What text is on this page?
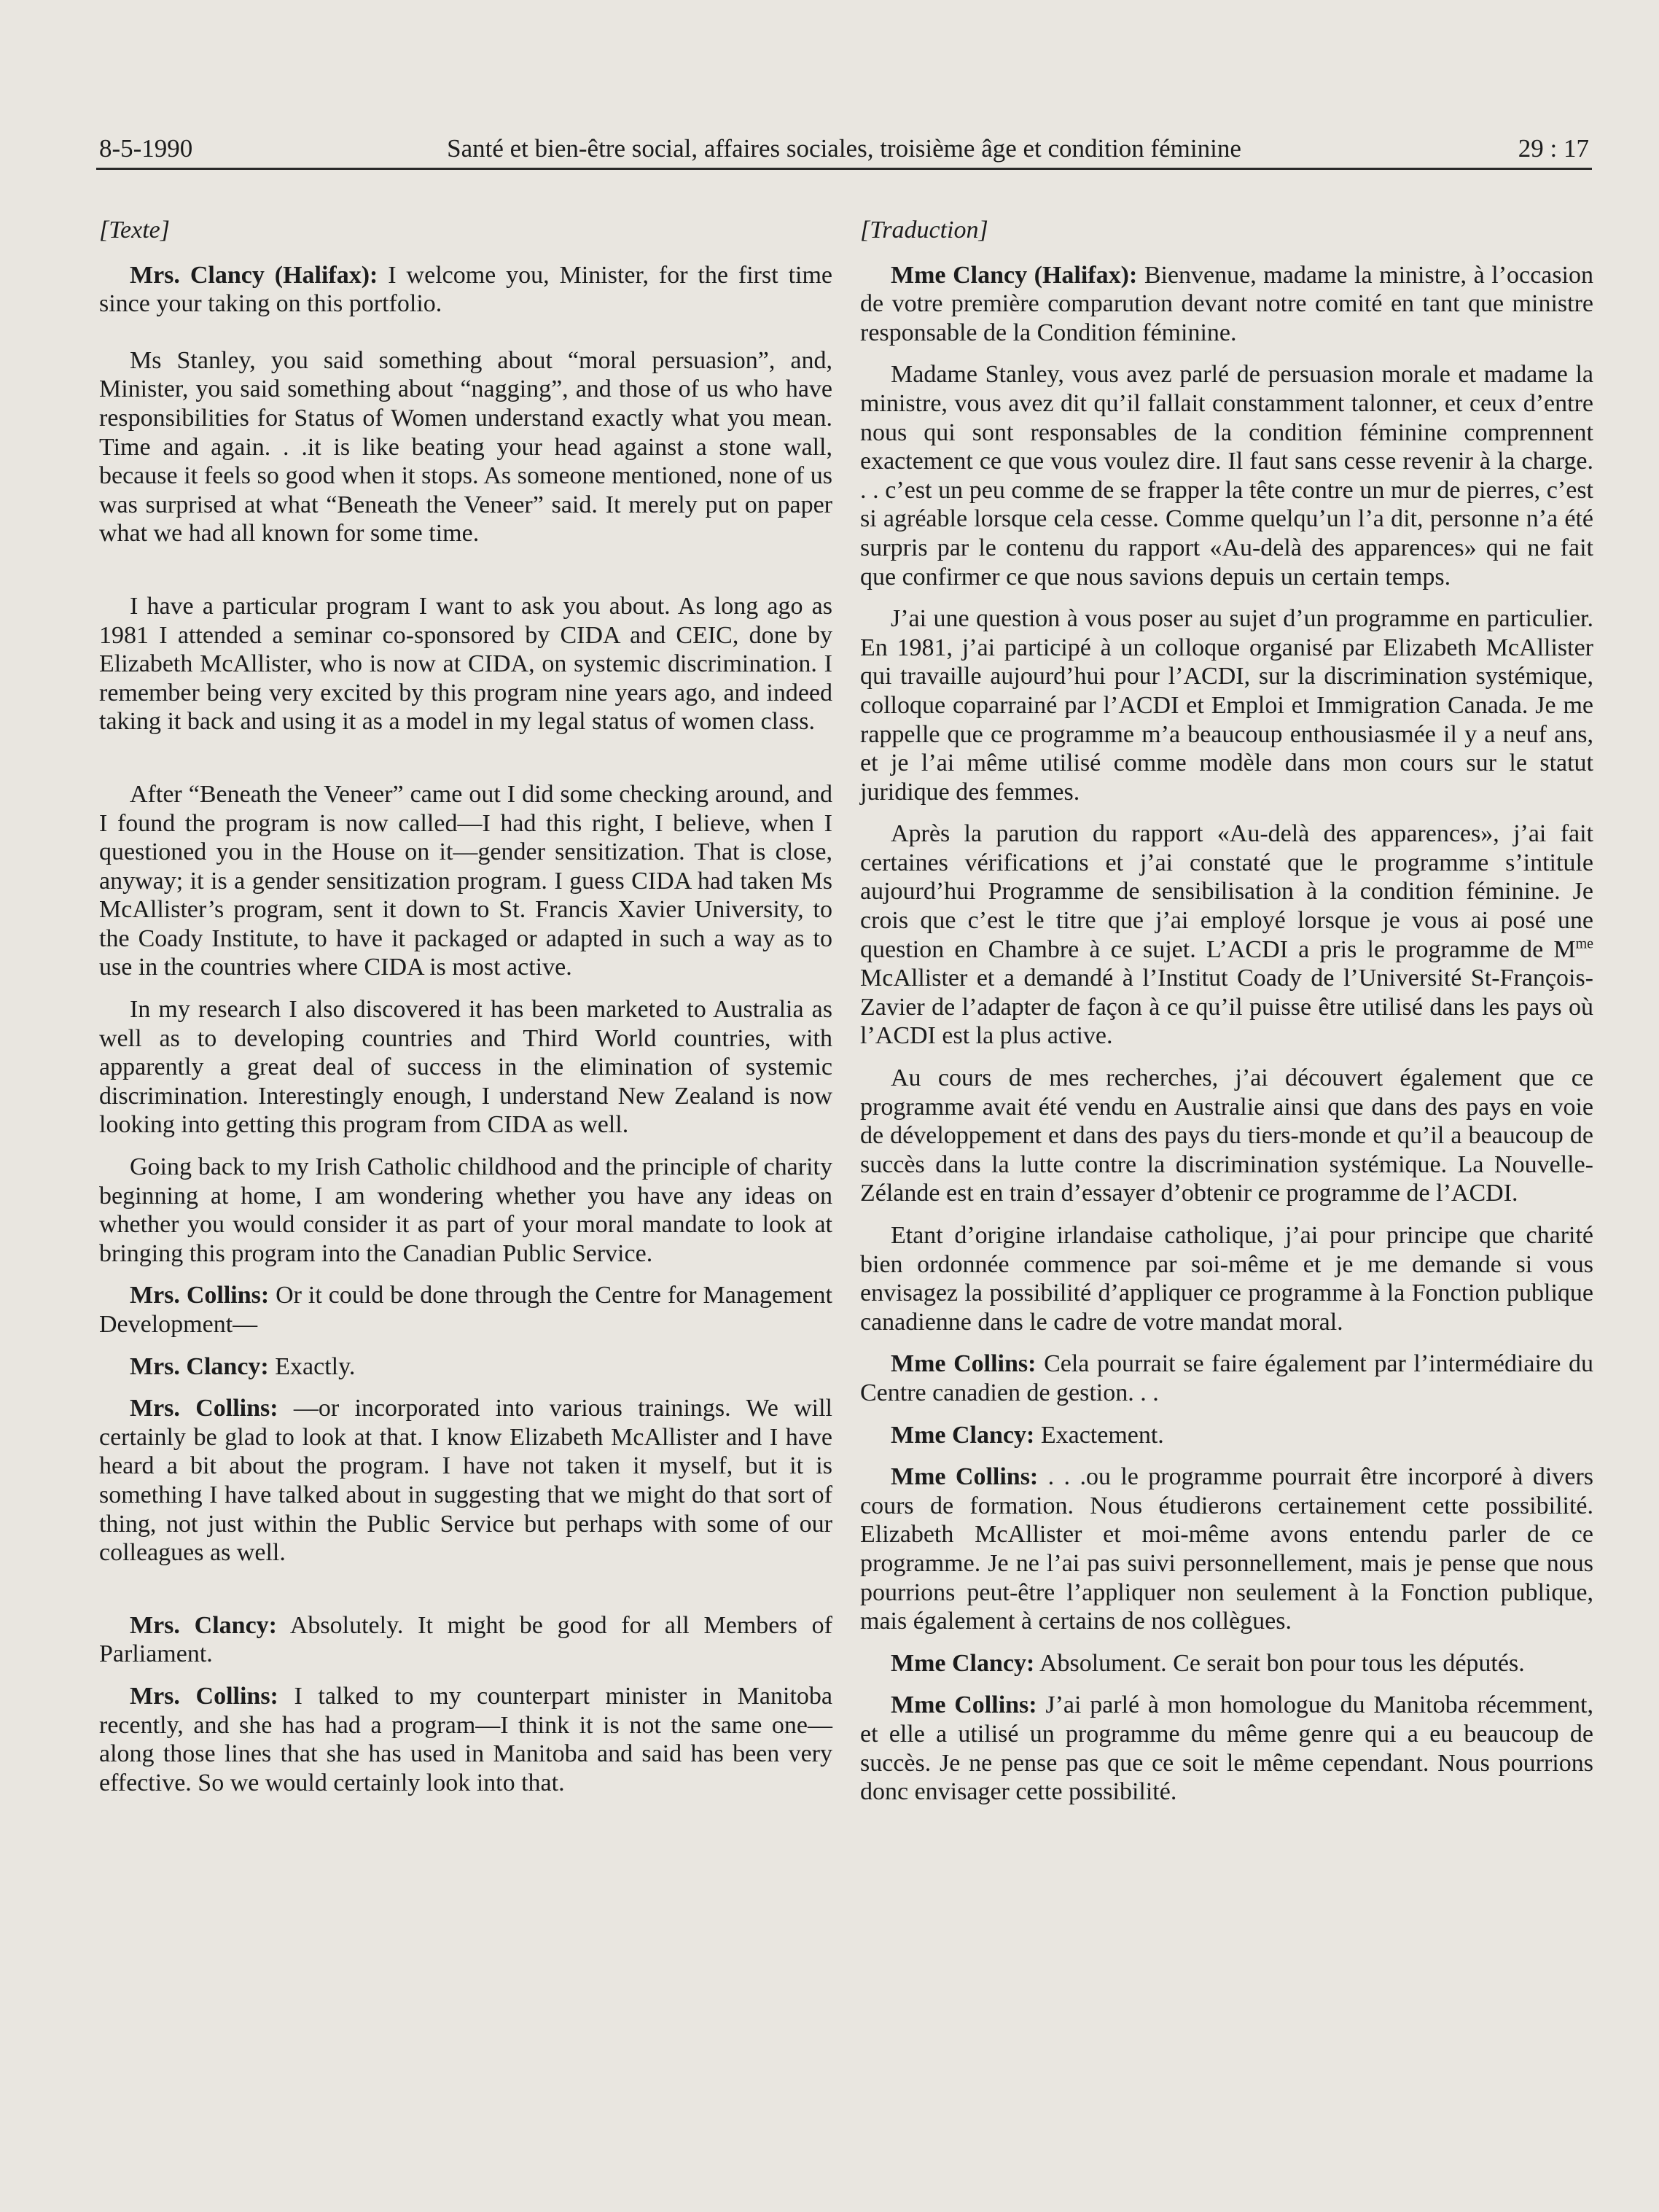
8-5-1990	Santé et bien-être social, affaires sociales, troisième âge et condition féminine	29 : 17

[Texte]

Mrs. Clancy (Halifax): I welcome you, Minister, for the first time since your taking on this portfolio.

Ms Stanley, you said something about “moral persuasion”, and, Minister, you said something about “nagging”, and those of us who have responsibilities for Status of Women understand exactly what you mean. Time and again. . .it is like beating your head against a stone wall, because it feels so good when it stops. As someone mentioned, none of us was surprised at what “Beneath the Veneer” said. It merely put on paper what we had all known for some time.

I have a particular program I want to ask you about. As long ago as 1981 I attended a seminar co-sponsored by CIDA and CEIC, done by Elizabeth McAllister, who is now at CIDA, on systemic discrimination. I remember being very excited by this program nine years ago, and indeed taking it back and using it as a model in my legal status of women class.

After “Beneath the Veneer” came out I did some checking around, and I found the program is now called—I had this right, I believe, when I questioned you in the House on it—gender sensitization. That is close, anyway; it is a gender sensitization program. I guess CIDA had taken Ms McAllister’s program, sent it down to St. Francis Xavier University, to the Coady Institute, to have it packaged or adapted in such a way as to use in the countries where CIDA is most active.

In my research I also discovered it has been marketed to Australia as well as to developing countries and Third World countries, with apparently a great deal of success in the elimination of systemic discrimination. Interestingly enough, I understand New Zealand is now looking into getting this program from CIDA as well.

Going back to my Irish Catholic childhood and the principle of charity beginning at home, I am wondering whether you have any ideas on whether you would consider it as part of your moral mandate to look at bringing this program into the Canadian Public Service.

Mrs. Collins: Or it could be done through the Centre for Management Development—

Mrs. Clancy: Exactly.

Mrs. Collins: —or incorporated into various trainings. We will certainly be glad to look at that. I know Elizabeth McAllister and I have heard a bit about the program. I have not taken it myself, but it is something I have talked about in suggesting that we might do that sort of thing, not just within the Public Service but perhaps with some of our colleagues as well.

Mrs. Clancy: Absolutely. It might be good for all Members of Parliament.

Mrs. Collins: I talked to my counterpart minister in Manitoba recently, and she has had a program—I think it is not the same one—along those lines that she has used in Manitoba and said has been very effective. So we would certainly look into that.

[Traduction]

Mme Clancy (Halifax): Bienvenue, madame la ministre, à l’occasion de votre première comparution devant notre comité en tant que ministre responsable de la Condition féminine.

Madame Stanley, vous avez parlé de persuasion morale et madame la ministre, vous avez dit qu’il fallait constamment talonner, et ceux d’entre nous qui sont responsables de la condition féminine comprennent exactement ce que vous voulez dire. Il faut sans cesse revenir à la charge. . . c’est un peu comme de se frapper la tête contre un mur de pierres, c’est si agréable lorsque cela cesse. Comme quelqu’un l’a dit, personne n’a été surpris par le contenu du rapport «Au-delà des apparences» qui ne fait que confirmer ce que nous savions depuis un certain temps.

J’ai une question à vous poser au sujet d’un programme en particulier. En 1981, j’ai participé à un colloque organisé par Elizabeth McAllister qui travaille aujourd’hui pour l’ACDI, sur la discrimination systémique, colloque coparrainé par l’ACDI et Emploi et Immigration Canada. Je me rappelle que ce programme m’a beaucoup enthousiasmée il y a neuf ans, et je l’ai même utilisé comme modèle dans mon cours sur le statut juridique des femmes.

Après la parution du rapport «Au-delà des apparences», j’ai fait certaines vérifications et j’ai constaté que le programme s’intitule aujourd’hui Programme de sensibilisation à la condition féminine. Je crois que c’est le titre que j’ai employé lorsque je vous ai posé une question en Chambre à ce sujet. L’ACDI a pris le programme de $M^{me}$ McAllister et a demandé à l’Institut Coady de l’Université St-François-Zavier de l’adapter de façon à ce qu’il puisse être utilisé dans les pays où l’ACDI est la plus active.

Au cours de mes recherches, j’ai découvert également que ce programme avait été vendu en Australie ainsi que dans des pays en voie de développement et dans des pays du tiers-monde et qu’il a beaucoup de succès dans la lutte contre la discrimination systémique. La Nouvelle-Zélande est en train d’essayer d’obtenir ce programme de l’ACDI.

Etant d’origine irlandaise catholique, j’ai pour principe que charité bien ordonnée commence par soi-même et je me demande si vous envisagez la possibilité d’appliquer ce programme à la Fonction publique canadienne dans le cadre de votre mandat moral.

Mme Collins: Cela pourrait se faire également par l’intermédiaire du Centre canadien de gestion. . .

Mme Clancy: Exactement.

Mme Collins: . . .ou le programme pourrait être incorporé à divers cours de formation. Nous étudierons certainement cette possibilité. Elizabeth McAllister et moi-même avons entendu parler de ce programme. Je ne l’ai pas suivi personnellement, mais je pense que nous pourrions peut-être l’appliquer non seulement à la Fonction publique, mais également à certains de nos collègues.

Mme Clancy: Absolument. Ce serait bon pour tous les députés.

Mme Collins: J’ai parlé à mon homologue du Manitoba récemment, et elle a utilisé un programme du même genre qui a eu beaucoup de succès. Je ne pense pas que ce soit le même cependant. Nous pourrions donc envisager cette possibilité.
